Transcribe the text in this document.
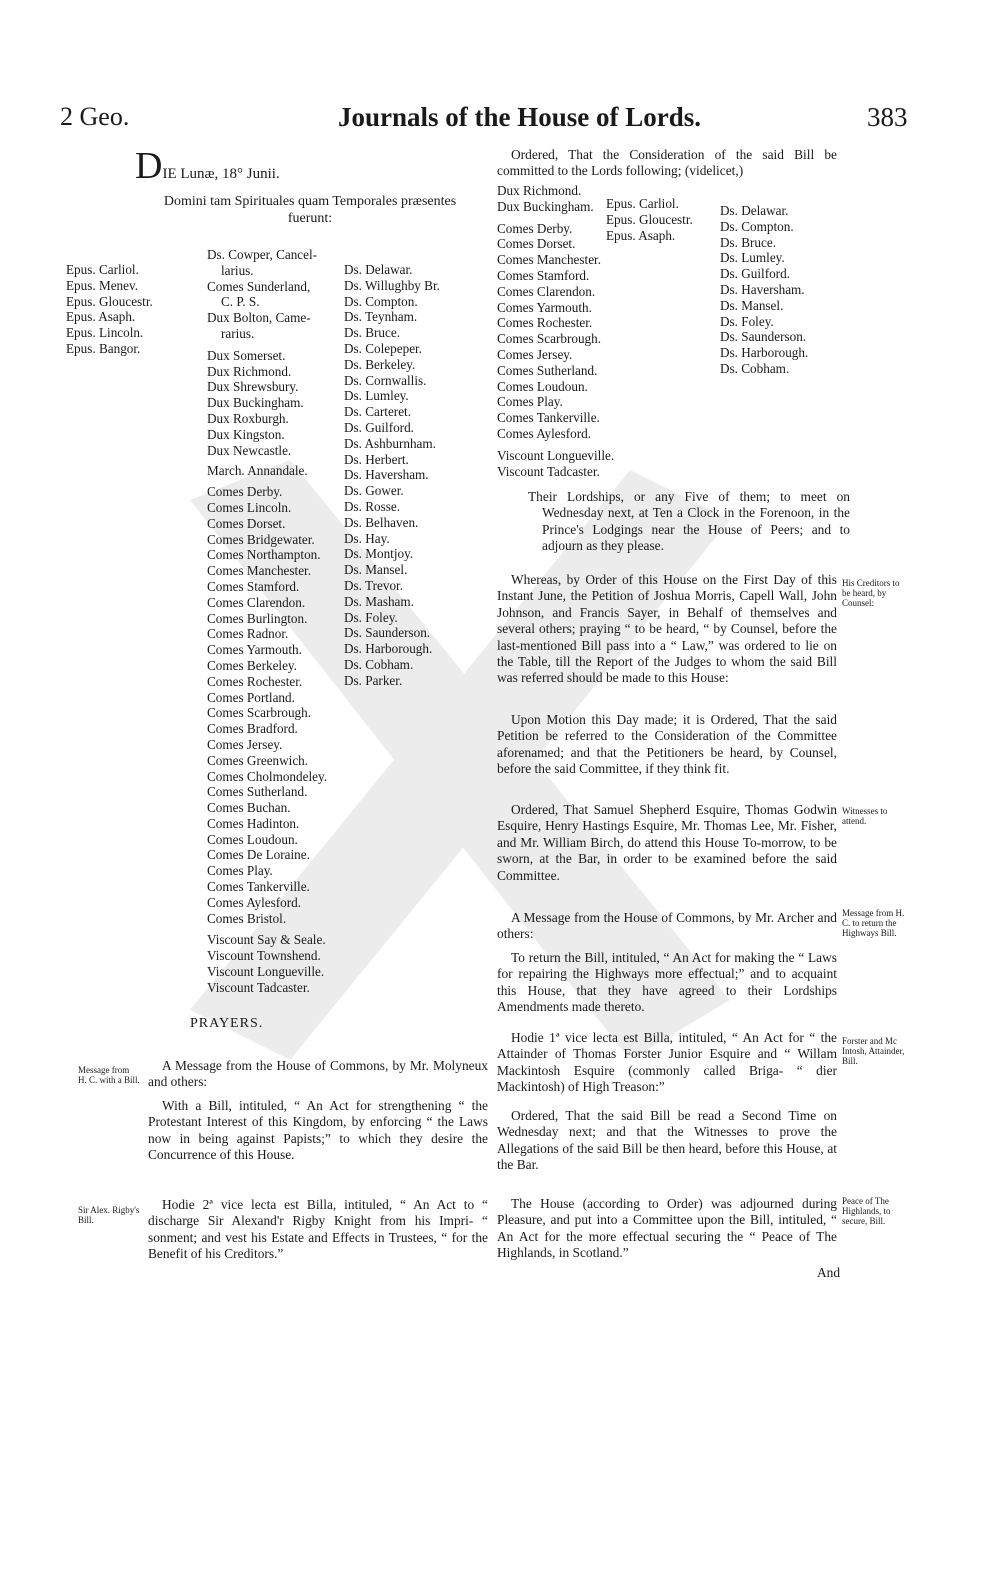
2 Geo.	Journals of the House of Lords.	383
DIE Lunæ, 18° Junii.
Domini tam Spirituales quam Temporales præsentes fuerunt:
Epus. Carliol.
Epus. Menev.
Epus. Gloucestr.
Epus. Asaph.
Epus. Lincoln.
Epus. Bangor.
Ds. Cowper, Cancel-
larius.
Comes Sunderland,
C. P. S.
Dux Bolton, Came-
rarius.
Dux Somerset.
Dux Richmond.
Dux Shrewsbury.
Dux Buckingham.
Dux Roxburgh.
Dux Kingston.
Dux Newcastle.
March. Annandale.
Comes Derby.
Comes Lincoln.
Comes Dorset.
Comes Bridgewater.
Comes Northampton.
Comes Manchester.
Comes Stamford.
Comes Clarendon.
Comes Burlington.
Comes Radnor.
Comes Yarmouth.
Comes Berkeley.
Comes Rochester.
Comes Portland.
Comes Scarbrough.
Comes Bradford.
Comes Jersey.
Comes Greenwich.
Comes Cholmondeley.
Comes Sutherland.
Comes Buchan.
Comes Hadinton.
Comes Loudoun.
Comes De Loraine.
Comes Play.
Comes Tankerville.
Comes Aylesford.
Comes Bristol.
Viscount Say & Seale.
Viscount Townshend.
Viscount Longueville.
Viscount Tadcaster.
Ds. Delawar.
Ds. Willughby Br.
Ds. Compton.
Ds. Teynham.
Ds. Bruce.
Ds. Colepeper.
Ds. Berkeley.
Ds. Cornwallis.
Ds. Lumley.
Ds. Carteret.
Ds. Guilford.
Ds. Ashburnham.
Ds. Herbert.
Ds. Haversham.
Ds. Gower.
Ds. Rosse.
Ds. Belhaven.
Ds. Hay.
Ds. Montjoy.
Ds. Mansel.
Ds. Trevor.
Ds. Masham.
Ds. Foley.
Ds. Saunderson.
Ds. Harborough.
Ds. Cobham.
Ds. Parker.
PRAYERS.
Message from H. C. with a Bill.
A Message from the House of Commons, by Mr. Molyneux and others:
With a Bill, intituled, “ An Act for strengthening “ the Protestant Interest of this Kingdom, by enforcing “ the Laws now in being against Papists;” to which they desire the Concurrence of this House.
Sir Alex. Rigby's Bill.
Hodie 2ª vice lecta est Billa, intituled, “ An Act to “ discharge Sir Alexand'r Rigby Knight from his Impri- “ sonment; and vest his Estate and Effects in Trustees, “ for the Benefit of his Creditors.”
Ordered, That the Consideration of the said Bill be committed to the Lords following; (videlicet,)
Dux Richmond.
Dux Buckingham.
Comes Derby.
Comes Dorset.
Comes Manchester.
Comes Stamford.
Comes Clarendon.
Comes Yarmouth.
Comes Rochester.
Comes Scarbrough.
Comes Jersey.
Comes Sutherland.
Comes Loudoun.
Comes Play.
Comes Tankerville.
Comes Aylesford.
Viscount Longueville.
Viscount Tadcaster.
Epus. Carliol.
Epus. Gloucestr.
Epus. Asaph.
Ds. Delawar.
Ds. Compton.
Ds. Bruce.
Ds. Lumley.
Ds. Guilford.
Ds. Haversham.
Ds. Mansel.
Ds. Foley.
Ds. Saunderson.
Ds. Harborough.
Ds. Cobham.
Their Lordships, or any Five of them; to meet on Wednesday next, at Ten a Clock in the Forenoon, in the Prince's Lodgings near the House of Peers; and to adjourn as they please.
His Creditors to be heard, by Counsel:
Whereas, by Order of this House on the First Day of this Instant June, the Petition of Joshua Morris, Capell Wall, John Johnson, and Francis Sayer, in Behalf of themselves and several others; praying “ to be heard, “ by Counsel, before the last-mentioned Bill pass into a “ Law,” was ordered to lie on the Table, till the Report of the Judges to whom the said Bill was referred should be made to this House:
Upon Motion this Day made; it is Ordered, That the said Petition be referred to the Consideration of the Committee aforenamed; and that the Petitioners be heard, by Counsel, before the said Committee, if they think fit.
Witnesses to attend.
Ordered, That Samuel Shepherd Esquire, Thomas Godwin Esquire, Henry Hastings Esquire, Mr. Thomas Lee, Mr. Fisher, and Mr. William Birch, do attend this House To-morrow, to be sworn, at the Bar, in order to be examined before the said Committee.
Message from H. C. to return the Highways Bill.
A Message from the House of Commons, by Mr. Archer and others:
To return the Bill, intituled, “ An Act for making the “ Laws for repairing the Highways more effectual;” and to acquaint this House, that they have agreed to their Lordships Amendments made thereto.
Forster and Mc Intosh, Attainder, Bill.
Hodie 1ª vice lecta est Billa, intituled, “ An Act for “ the Attainder of Thomas Forster Junior Esquire and “ Willam Mackintosh Esquire (commonly called Briga- “ dier Mackintosh) of High Treason:”
Ordered, That the said Bill be read a Second Time on Wednesday next; and that the Witnesses to prove the Allegations of the said Bill be then heard, before this House, at the Bar.
Peace of The Highlands, to secure, Bill.
The House (according to Order) was adjourned during Pleasure, and put into a Committee upon the Bill, intituled, “ An Act for the more effectual securing the “ Peace of The Highlands, in Scotland.”
And
